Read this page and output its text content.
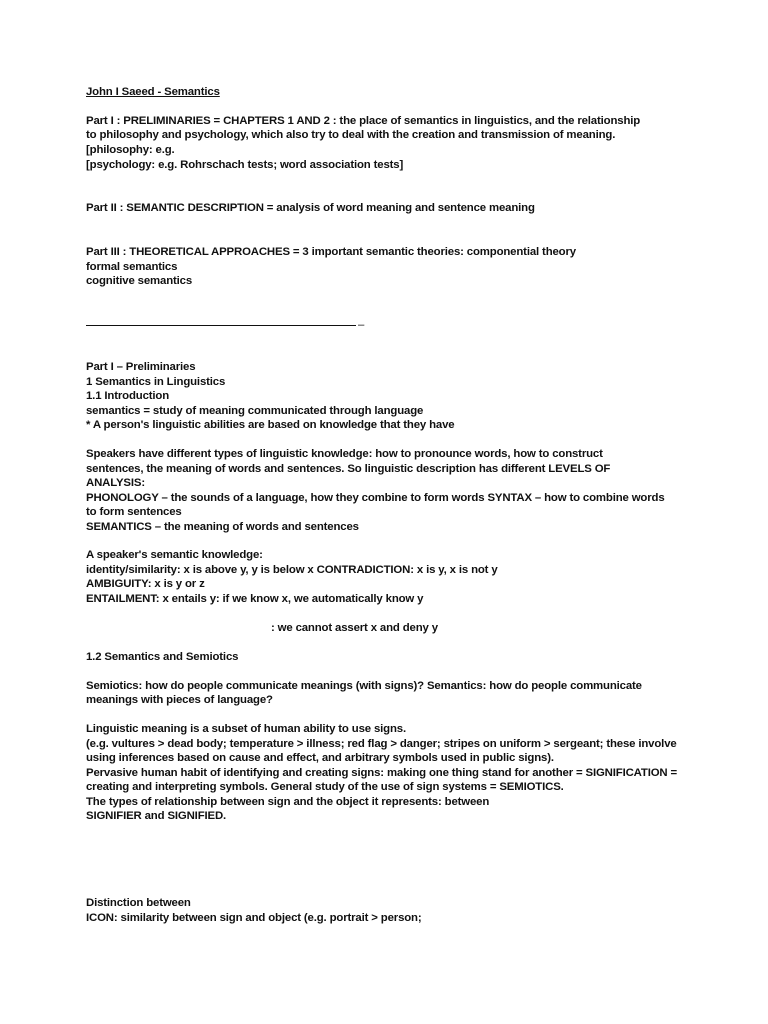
John I Saeed - Semantics
Part I : PRELIMINARIES = CHAPTERS 1 AND 2 : the place of semantics in linguistics, and the relationship
to philosophy and psychology, which also try to deal with the creation and transmission of meaning.
[philosophy: e.g.
[psychology: e.g. Rohrschach tests; word association tests]
Part II : SEMANTIC DESCRIPTION = analysis of word meaning and sentence meaning
Part III : THEORETICAL APPROACHES = 3 important semantic theories: componential theory
formal semantics
cognitive semantics
–
Part I – Preliminaries
1 Semantics in Linguistics
1.1 Introduction
semantics = study of meaning communicated through language
* A person's linguistic abilities are based on knowledge that they have
Speakers have different types of linguistic knowledge: how to pronounce words, how to construct
sentences, the meaning of words and sentences. So linguistic description has different LEVELS OF
ANALYSIS:
PHONOLOGY – the sounds of a language, how they combine to form words SYNTAX – how to combine words
to form sentences
SEMANTICS – the meaning of words and sentences
A speaker's semantic knowledge:
identity/similarity: x is above y, y is below x CONTRADICTION: x is y, x is not y
AMBIGUITY: x is y or z
ENTAILMENT: x entails y: if we know x, we automatically know y
: we cannot assert x and deny y
1.2 Semantics and Semiotics
Semiotics: how do people communicate meanings (with signs)? Semantics: how do people communicate
meanings with pieces of language?
Linguistic meaning is a subset of human ability to use signs.
(e.g. vultures > dead body; temperature > illness; red flag > danger; stripes on uniform > sergeant; these involve
using inferences based on cause and effect, and arbitrary symbols used in public signs).
Pervasive human habit of identifying and creating signs: making one thing stand for another = SIGNIFICATION =
creating and interpreting symbols. General study of the use of sign systems = SEMIOTICS.
The types of relationship between sign and the object it represents: between
SIGNIFIER and SIGNIFIED.
Distinction between
ICON: similarity between sign and object (e.g. portrait > person;
